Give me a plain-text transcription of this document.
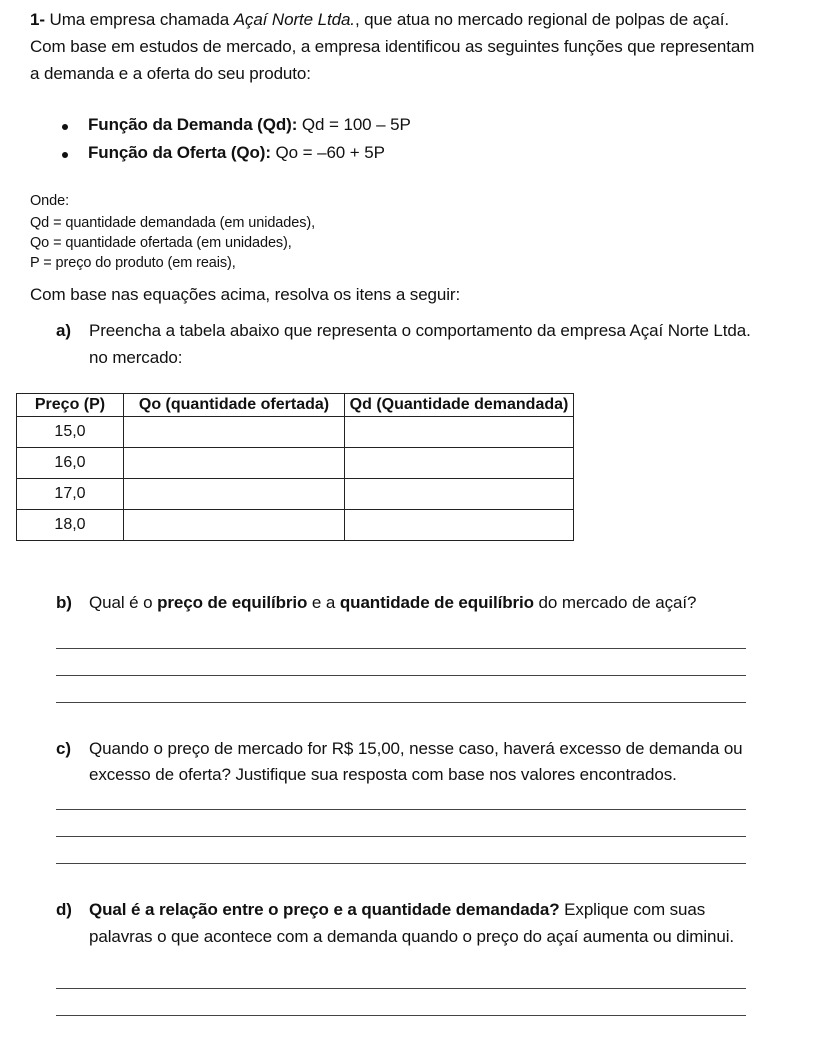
1- Uma empresa chamada Açaí Norte Ltda., que atua no mercado regional de polpas de açaí.
Com base em estudos de mercado, a empresa identificou as seguintes funções que representam
a demanda e a oferta do seu produto:
Função da Demanda (Qd): Qd = 100 – 5P
Função da Oferta (Qo): Qo = –60 + 5P
Onde:
Qd = quantidade demandada (em unidades),
Qo = quantidade ofertada (em unidades),
P = preço do produto (em reais),
Com base nas equações acima, resolva os itens a seguir:
a) Preencha a tabela abaixo que representa o comportamento da empresa Açaí Norte Ltda.
no mercado:
Preço (P)	Qo (quantidade ofertada)	Qd (Quantidade demandada)
15,0		
16,0		
17,0		
18,0		
b) Qual é o preço de equilíbrio e a quantidade de equilíbrio do mercado de açaí?
c) Quando o preço de mercado for R$ 15,00, nesse caso, haverá excesso de demanda ou
excesso de oferta? Justifique sua resposta com base nos valores encontrados.
d) Qual é a relação entre o preço e a quantidade demandada? Explique com suas
palavras o que acontece com a demanda quando o preço do açaí aumenta ou diminui.
